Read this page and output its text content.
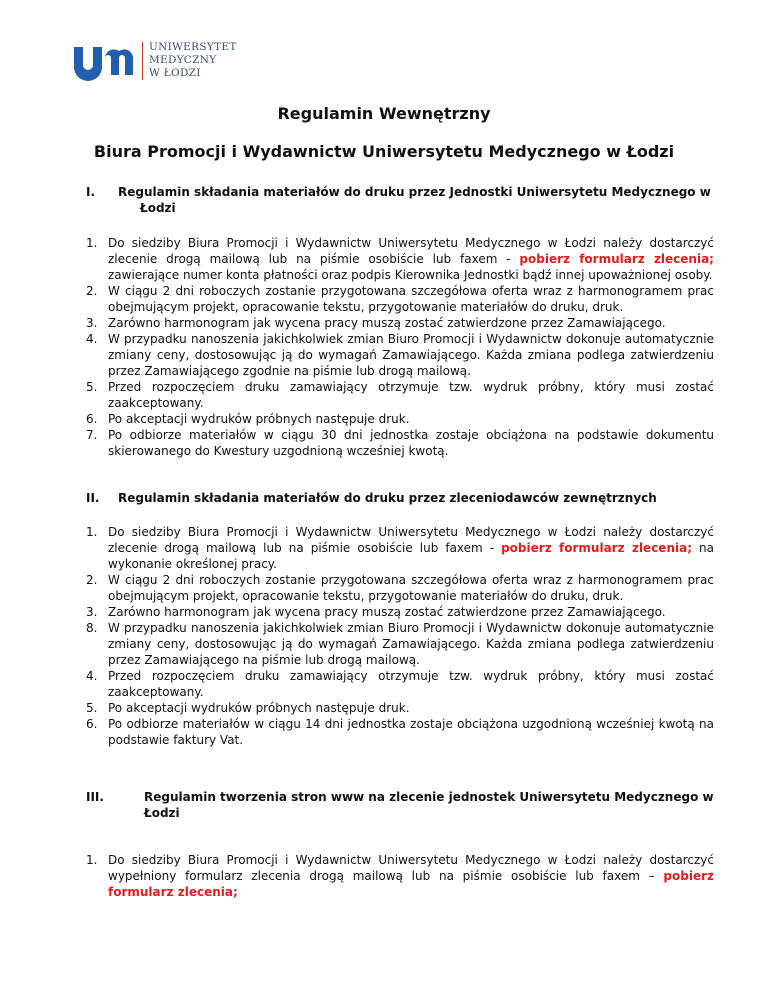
UNIWERSYTET
MEDYCZNY
W ŁODZI
Regulamin Wewnętrzny
Biura Promocji i Wydawnictw Uniwersytetu Medycznego w Łodzi
I. Regulamin składania materiałów do druku przez Jednostki Uniwersytetu Medycznego w
Łodzi
1. Do siedziby Biura Promocji i Wydawnictw Uniwersytetu Medycznego w Łodzi należy dostarczyć zlecenie drogą mailową lub na piśmie osobiście lub faxem - pobierz formularz zlecenia; zawierające numer konta płatności oraz podpis Kierownika Jednostki bądź innej upoważnionej osoby.
2. W ciągu 2 dni roboczych zostanie przygotowana szczegółowa oferta wraz z harmonogramem prac obejmującym projekt, opracowanie tekstu, przygotowanie materiałów do druku, druk.
3. Zarówno harmonogram jak wycena pracy muszą zostać zatwierdzone przez Zamawiającego.
4. W przypadku nanoszenia jakichkolwiek zmian Biuro Promocji i Wydawnictw dokonuje automatycznie zmiany ceny, dostosowując ją do wymagań Zamawiającego. Każda zmiana podlega zatwierdzeniu przez Zamawiającego zgodnie na piśmie lub drogą mailową.
5. Przed rozpoczęciem druku zamawiający otrzymuje tzw. wydruk próbny, który musi zostać zaakceptowany.
6. Po akceptacji wydruków próbnych następuje druk.
7. Po odbiorze materiałów w ciągu 30 dni jednostka zostaje obciążona na podstawie dokumentu skierowanego do Kwestury uzgodnioną wcześniej kwotą.
II. Regulamin składania materiałów do druku przez zleceniodawców zewnętrznych
1. Do siedziby Biura Promocji i Wydawnictw Uniwersytetu Medycznego w Łodzi należy dostarczyć zlecenie drogą mailową lub na piśmie osobiście lub faxem - pobierz formularz zlecenia; na wykonanie określonej pracy.
2. W ciągu 2 dni roboczych zostanie przygotowana szczegółowa oferta wraz z harmonogramem prac obejmującym projekt, opracowanie tekstu, przygotowanie materiałów do druku, druk.
3. Zarówno harmonogram jak wycena pracy muszą zostać zatwierdzone przez Zamawiającego.
8. W przypadku nanoszenia jakichkolwiek zmian Biuro Promocji i Wydawnictw dokonuje automatycznie zmiany ceny, dostosowując ją do wymagań Zamawiającego. Każda zmiana podlega zatwierdzeniu przez Zamawiającego na piśmie lub drogą mailową.
4. Przed rozpoczęciem druku zamawiający otrzymuje tzw. wydruk próbny, który musi zostać zaakceptowany.
5. Po akceptacji wydruków próbnych następuje druk.
6. Po odbiorze materiałów w ciągu 14 dni jednostka zostaje obciążona uzgodnioną wcześniej kwotą na podstawie faktury Vat.
III.	Regulamin tworzenia stron www na zlecenie jednostek Uniwersytetu Medycznego w
Łodzi
1. Do siedziby Biura Promocji i Wydawnictw Uniwersytetu Medycznego w Łodzi należy dostarczyć wypełniony formularz zlecenia drogą mailową lub na piśmie osobiście lub faxem – pobierz formularz zlecenia;
